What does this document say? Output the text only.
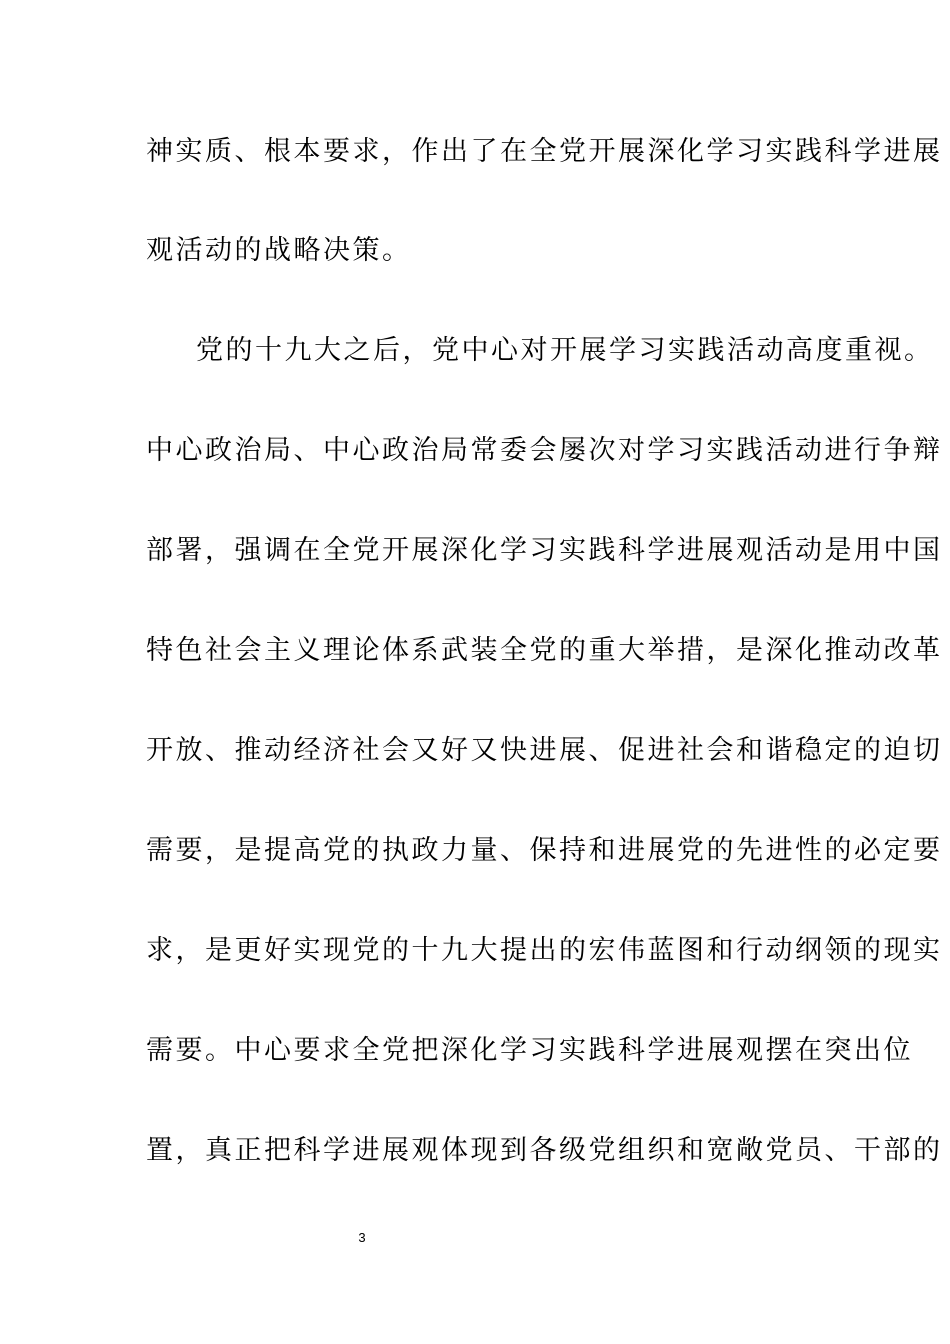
神实质、根本要求，作出了在全党开展深化学习实践科学进展
观活动的战略决策。
党的十九大之后，党中心对开展学习实践活动高度重视。
中心政治局、中心政治局常委会屡次对学习实践活动进行争辩
部署，强调在全党开展深化学习实践科学进展观活动是用中国
特色社会主义理论体系武装全党的重大举措，是深化推动改革
开放、推动经济社会又好又快进展、促进社会和谐稳定的迫切
需要，是提高党的执政力量、保持和进展党的先进性的必定要
求，是更好实现党的十九大提出的宏伟蓝图和行动纲领的现实
需要。中心要求全党把深化学习实践科学进展观摆在突出位
置，真正把科学进展观体现到各级党组织和宽敞党员、干部的
3
